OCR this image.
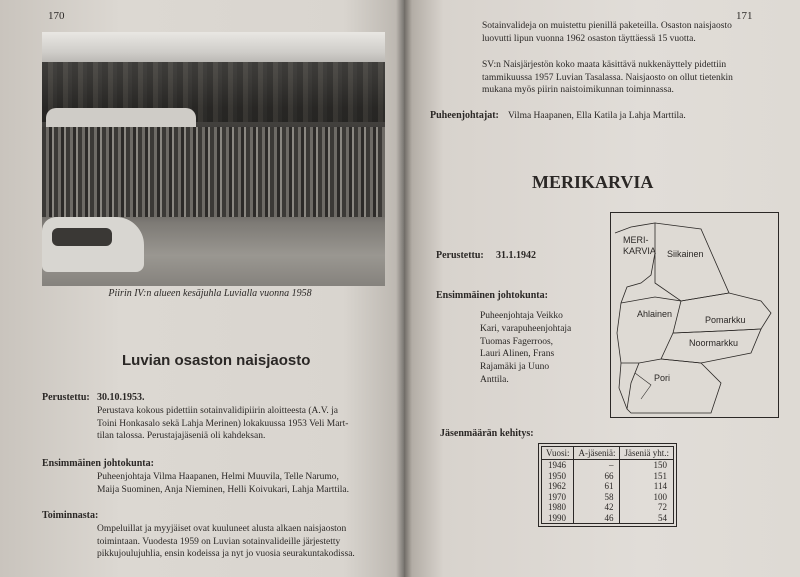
170
Piirin IV:n alueen kesäjuhla Luvialla vuonna 1958
Luvian osaston naisjaosto
Perustettu: 30.10.1953.

Perustava kokous pidettiin sotainvalidipiirin aloitteesta (A.V. ja

Toini Honkasalo sekä Lahja Merinen) lokakuussa 1953 Veli Mart-

tilan talossa. Perustajajäseniä oli kahdeksan.

Ensimmäinen johtokunta:

Puheenjohtaja Vilma Haapanen, Helmi Muuvila, Telle Narumo,

Maija Suominen, Anja Nieminen, Helli Koivukari, Lahja Marttila.

Toiminnasta:

Ompeluillat ja myyjäiset ovat kuuluneet alusta alkaen naisjaoston

toimintaan. Vuodesta 1959 on Luvian sotainvalideille järjestetty

pikkujoulujuhlia, ensin kodeissa ja nyt jo vuosia seurakuntakodissa.

171

Sotainvalideja on muistettu pienillä paketeilla. Osaston naisjaosto

luovutti lipun vuonna 1962 osaston täyttäessä 15 vuotta.

SV:n Naisjärjestön koko maata käsittävä nukkenäyttely pidettiin

tammikuussa 1957 Luvian Tasalassa. Naisjaosto on ollut tietenkin

mukana myös piirin naistoimikunnan toiminnassa.

Puheenjohtajat: Vilma Haapanen, Ella Katila ja Lahja Marttila.
MERIKARVIA
Perustettu: 31.1.1942
Ensimmäinen johtokunta:

Puheenjohtaja Veikko

Kari, varapuheenjohtaja

Tuomas Fagerroos,

Lauri Alinen, Frans

Rajamäki ja Uuno

Anttila.

Jäsenmäärän kehitys:
MERI-
KARVIA Siikainen
Ahlainen
Pomarkku
Noormarkku
Pori
Vuosi:	A-jäseniä:	Jäseniä yht.:
1946	–	150
1950	66	151
1962	61	114
1970	58	100
1980	42	72
1990	46	54
